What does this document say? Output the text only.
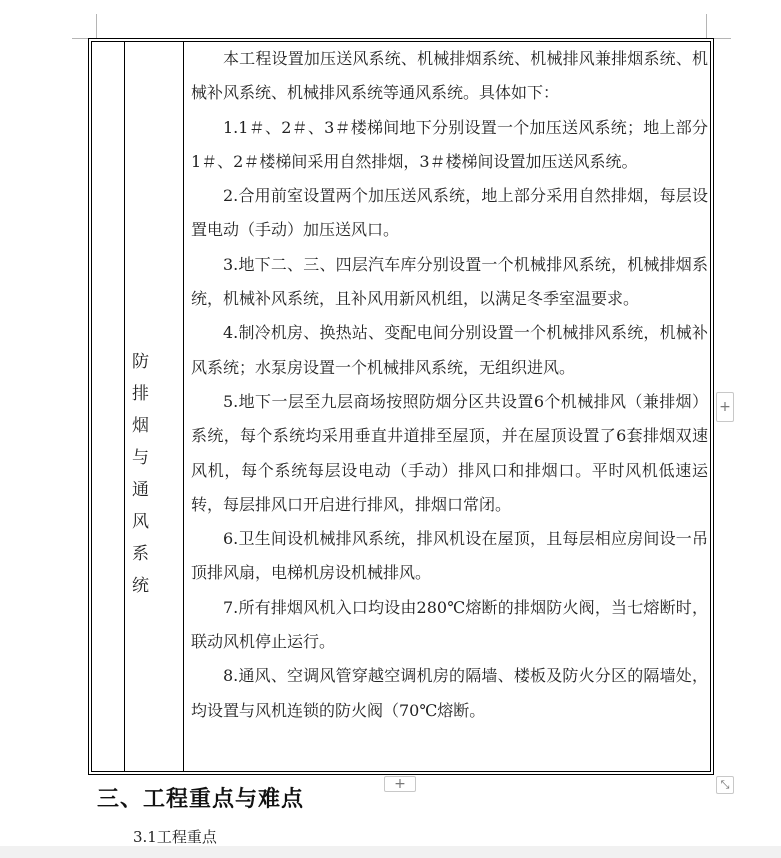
防排烟与通风系统

本工程设置加压送风系统、机械排烟系统、机械排风兼排烟系统、机械补风系统、机械排风系统等通风系统。具体如下：

1.1＃、2＃、3＃楼梯间地下分别设置一个加压送风系统；地上部分1＃、2＃楼梯间采用自然排烟，3＃楼梯间设置加压送风系统。

2.合用前室设置两个加压送风系统，地上部分采用自然排烟，每层设置电动（手动）加压送风口。

3.地下二、三、四层汽车库分别设置一个机械排风系统，机械排烟系统，机械补风系统，且补风用新风机组，以满足冬季室温要求。

4.制冷机房、换热站、变配电间分别设置一个机械排风系统，机械补风系统；水泵房设置一个机械排风系统，无组织进风。

5.地下一层至九层商场按照防烟分区共设置6个机械排风（兼排烟）系统，每个系统均采用垂直井道排至屋顶，并在屋顶设置了6套排烟双速风机，每个系统每层设电动（手动）排风口和排烟口。平时风机低速运转，每层排风口开启进行排风，排烟口常闭。

6.卫生间设机械排风系统，排风机设在屋顶，且每层相应房间设一吊顶排风扇，电梯机房设机械排风。

7.所有排烟风机入口均设由280℃熔断的排烟防火阀，当七熔断时，联动风机停止运行。

8.通风、空调风管穿越空调机房的隔墙、楼板及防火分区的隔墙处，均设置与风机连锁的防火阀（70℃熔断。

+
+	⤡
三、工程重点与难点
3.1工程重点
